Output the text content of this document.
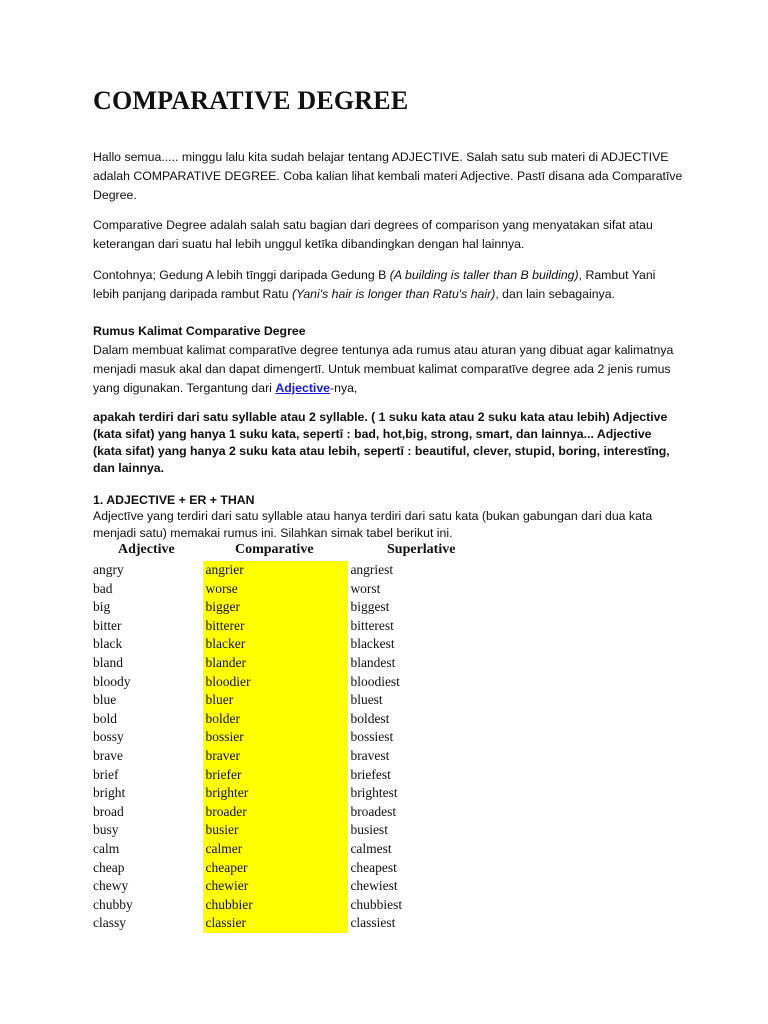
COMPARATIVE DEGREE

Hallo semua..... minggu lalu kita sudah belajar tentang ADJECTIVE. Salah satu sub materi di ADJECTIVE adalah COMPARATIVE DEGREE. Coba kalian lihat kembali materi Adjective. Pastī disana ada Comparatīve Degree.

Comparative Degree adalah salah satu bagian dari degrees of comparison yang menyatakan sifat atau keterangan dari suatu hal lebih unggul ketīka dibandingkan dengan hal lainnya.

Contohnya; Gedung A lebih tīnggi daripada Gedung B (A building is taller than B building), Rambut Yani lebih panjang daripada rambut Ratu (Yani's hair is longer than Ratu's hair), dan lain sebagainya.

Rumus Kalimat Comparative Degree

Dalam membuat kalimat comparatīve degree tentunya ada rumus atau aturan yang dibuat agar kalimatnya menjadi masuk akal dan dapat dimengertī. Untuk membuat kalimat comparatīve degree ada 2 jenis rumus yang digunakan. Tergantung dari Adjective-nya,

apakah terdiri dari satu syllable atau 2 syllable. ( 1 suku kata atau 2 suku kata atau lebih) Adjective (kata sifat) yang hanya 1 suku kata, sepertī : bad, hot,big, strong, smart, dan lainnya... Adjective (kata sifat) yang hanya 2 suku kata atau lebih, sepertī : beautiful, clever, stupid, boring, interestīng, dan lainnya.

1. ADJECTIVE + ER + THAN

Adjectīve yang terdiri dari satu syllable atau hanya terdiri dari satu kata (bukan gabungan dari dua kata menjadi satu) memakai rumus ini. Silahkan simak tabel berikut ini.

Adjective	Comparative	Superlative
angry	angrier	angriest
bad	worse	worst
big	bigger	biggest
bitter	bitterer	bitterest
black	blacker	blackest
bland	blander	blandest
bloody	bloodier	bloodiest
blue	bluer	bluest
bold	bolder	boldest
bossy	bossier	bossiest
brave	braver	bravest
brief	briefer	briefest
bright	brighter	brightest
broad	broader	broadest
busy	busier	busiest
calm	calmer	calmest
cheap	cheaper	cheapest
chewy	chewier	chewiest
chubby	chubbier	chubbiest
classy	classier	classiest
